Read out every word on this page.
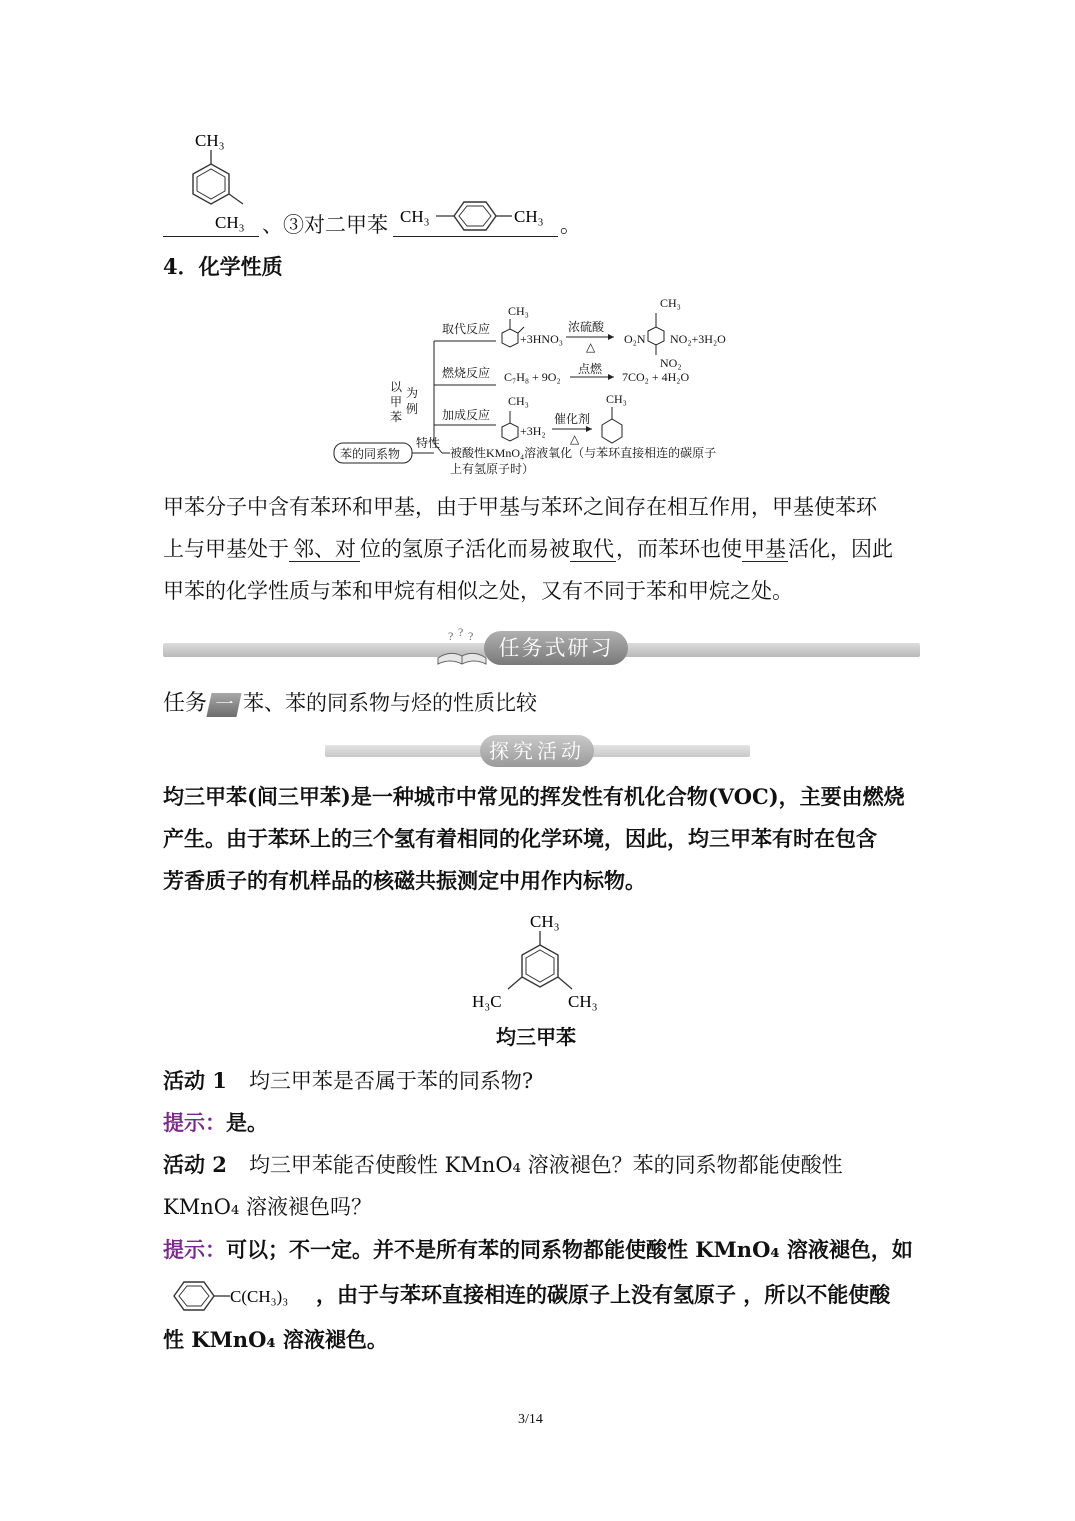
CH₃
CH₃ 、③对二甲苯 CH₃	CH₃ 。
4．化学性质
苯的同系物
以
甲
苯
为
例
取代反应
CH₃
+3HNO₃
浓硫酸
△
O₂N
CH₃
NO₂
NO₂+3H₂O
燃烧反应 C₇H₈ + 9O₂
点燃
7CO₂ + 4H₂O
加成反应
CH₃
+3H₂
催化剂
△
CH₃
特性
被酸性KMnO₄溶液氧化（与苯环直接相连的碳原子
上有氢原子时）
甲苯分子中含有苯环和甲基，由于甲基与苯环之间存在相互作用，甲基使苯环
上与甲基处于 邻、对 位的氢原子活化而易被取代，而苯环也使甲基活化，因此
甲苯的化学性质与苯和甲烷有相似之处，又有不同于苯和甲烷之处。
? ? ?	任务式研习
任务 一 苯、苯的同系物与烃的性质比较
探究活动
均三甲苯(间三甲苯)是一种城市中常见的挥发性有机化合物(VOC)，主要由燃烧
产生。由于苯环上的三个氢有着相同的化学环境，因此，均三甲苯有时在包含
芳香质子的有机样品的核磁共振测定中用作内标物。
CH₃
H₃C	CH₃
均三甲苯
活动 1 均三甲苯是否属于苯的同系物?
提示：是。
活动 2 均三甲苯能否使酸性 KMnO₄ 溶液褪色？苯的同系物都能使酸性
KMnO₄ 溶液褪色吗？
提示：可以；不一定。并不是所有苯的同系物都能使酸性 KMnO₄ 溶液褪色，如
C(CH₃)₃ ，由于与苯环直接相连的碳原子上没有氢原子 ，所以不能使酸
性 KMnO₄ 溶液褪色。
3/14
